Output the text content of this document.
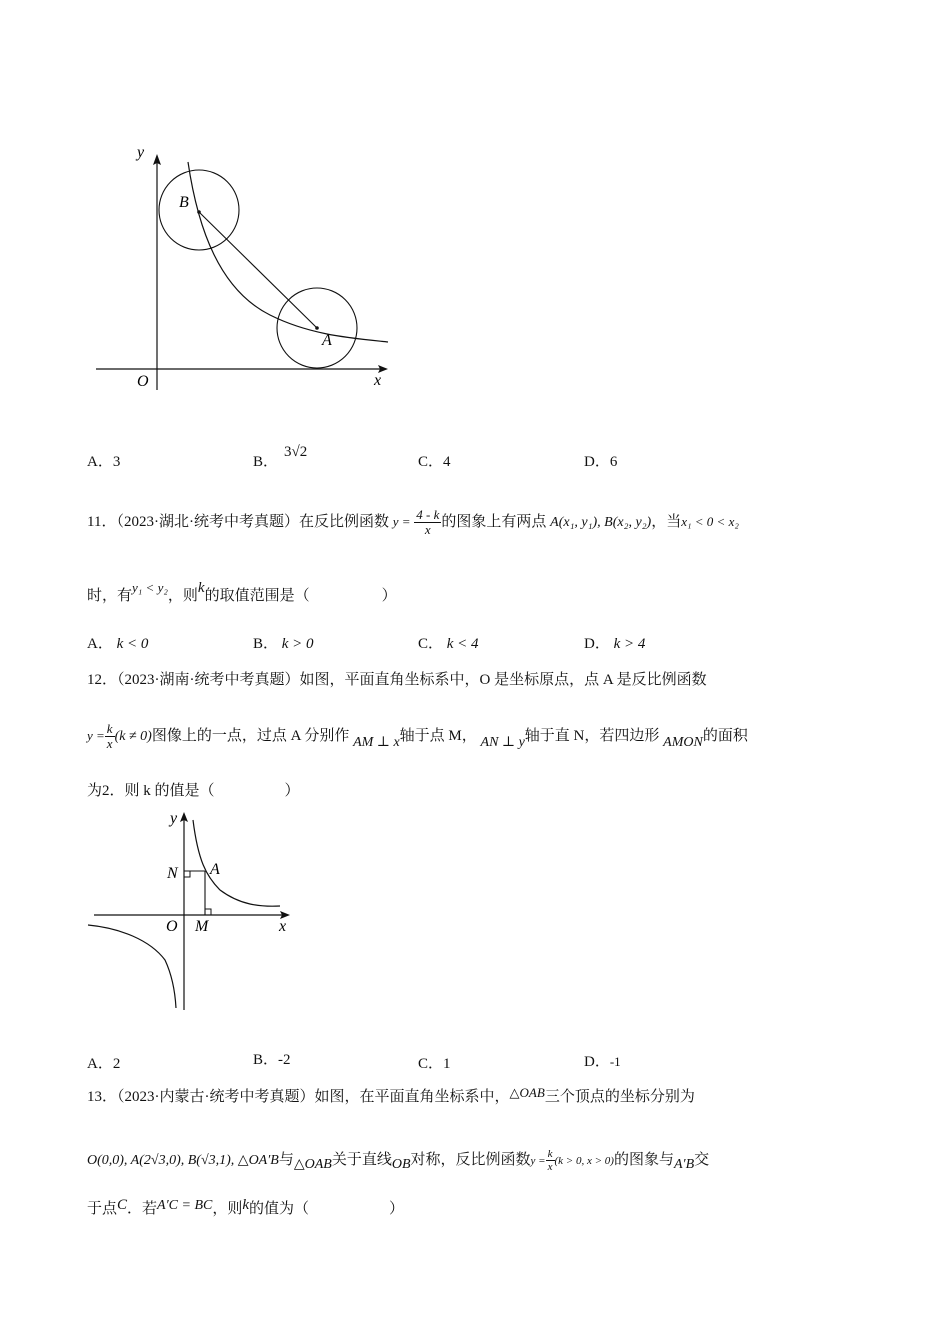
B
A
y
x
O
A．3	B．3√2
C．4	D．6
11．（2023·湖北·统考中考真题）在反比例函数 $y = \frac{4 - k}{x}$ 的图象上有两点 A(x₁, y₁), B(x₂, y₂)，当x₁ < 0 < x₂
时，有y₁ < y₂，则k的取值范围是（	）
A． k < 0	B． k > 0	C． k < 4	D． k > 4
12．（2023·湖南·统考中考真题）如图，平面直角坐标系中，O 是坐标原点，点 A 是反比例函数
$y = \frac{k}{x} (k \ne 0)$图像上的一点，过点 A 分别作 AM ⊥ x轴于点 M， AN ⊥ y轴于直 N，若四边形 AMON的面积
为2．则 k 的值是（	）
y
x
O
N A
M
A．2	B．-2	C．1	D．-1
13．（2023·内蒙古·统考中考真题）如图，在平面直角坐标系中，△OAB三个顶点的坐标分别为
O(0,0), A(2√3,0), B(√3,1), △OA′B与△OAB关于直线OB对称，反比例函数$y = \frac{k}{x} (k > 0$, x > 0)的图象与A′B交
于点C．若A′C = BC，则k的值为（	）
